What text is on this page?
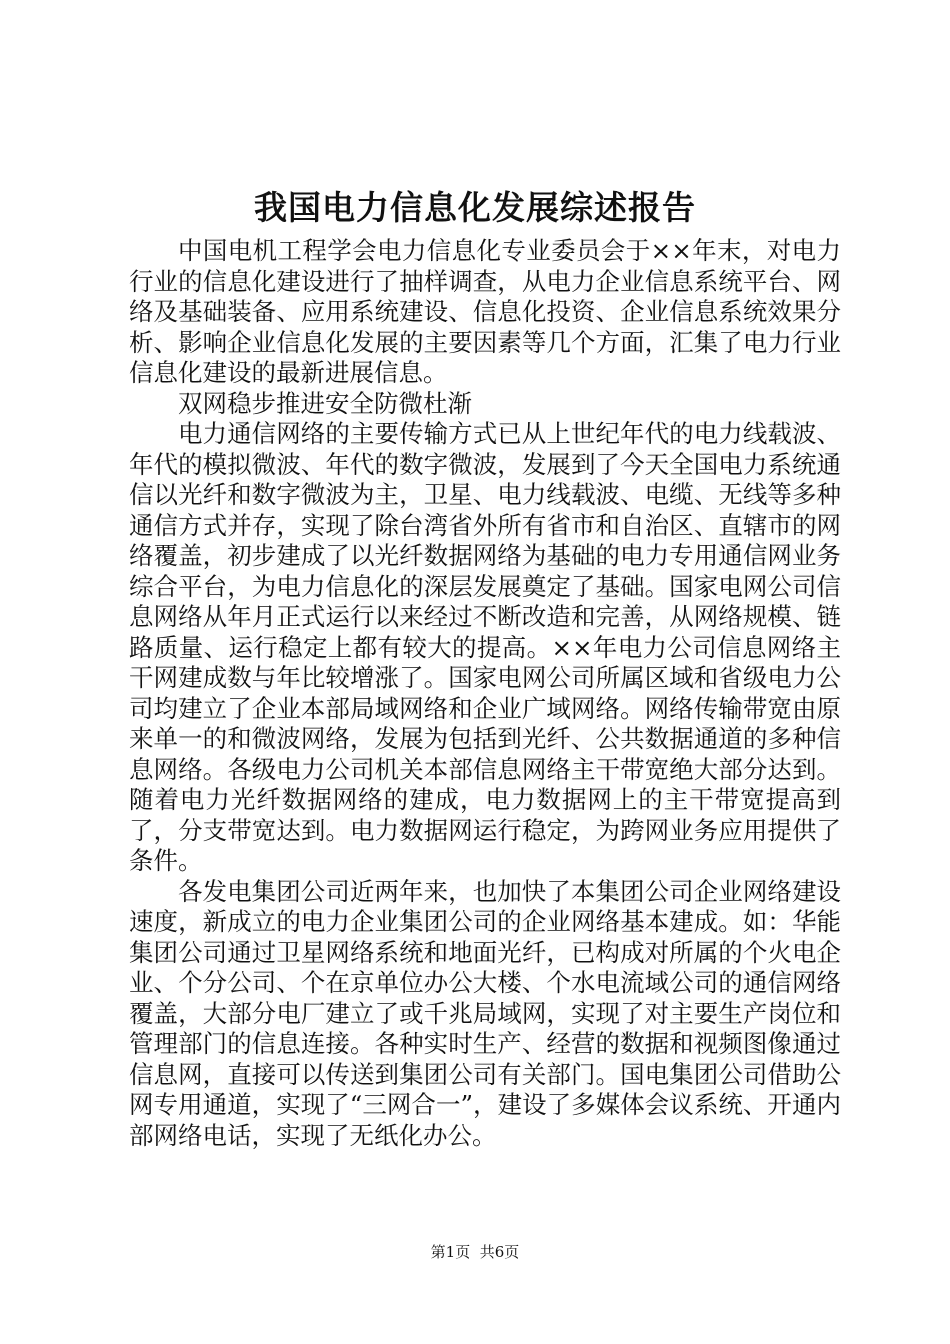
我国电力信息化发展综述报告

中国电机工程学会电力信息化专业委员会于××年末，对电力行业的信息化建设进行了抽样调查，从电力企业信息系统平台、网络及基础装备、应用系统建设、信息化投资、企业信息系统效果分析、影响企业信息化发展的主要因素等几个方面，汇集了电力行业信息化建设的最新进展信息。

双网稳步推进安全防微杜渐

电力通信网络的主要传输方式已从上世纪年代的电力线载波、年代的模拟微波、年代的数字微波，发展到了今天全国电力系统通信以光纤和数字微波为主，卫星、电力线载波、电缆、无线等多种通信方式并存，实现了除台湾省外所有省市和自治区、直辖市的网络覆盖，初步建成了以光纤数据网络为基础的电力专用通信网业务综合平台，为电力信息化的深层发展奠定了基础。国家电网公司信息网络从年月正式运行以来经过不断改造和完善，从网络规模、链路质量、运行稳定上都有较大的提高。××年电力公司信息网络主干网建成数与年比较增涨了。国家电网公司所属区域和省级电力公司均建立了企业本部局域网络和企业广域网络。网络传输带宽由原来单一的和微波网络，发展为包括到光纤、公共数据通道的多种信息网络。各级电力公司机关本部信息网络主干带宽绝大部分达到。随着电力光纤数据网络的建成，电力数据网上的主干带宽提高到了，分支带宽达到。电力数据网运行稳定，为跨网业务应用提供了条件。

各发电集团公司近两年来，也加快了本集团公司企业网络建设速度，新成立的电力企业集团公司的企业网络基本建成。如：华能集团公司通过卫星网络系统和地面光纤，已构成对所属的个火电企业、个分公司、个在京单位办公大楼、个水电流域公司的通信网络覆盖，大部分电厂建立了或千兆局域网，实现了对主要生产岗位和管理部门的信息连接。各种实时生产、经营的数据和视频图像通过信息网，直接可以传送到集团公司有关部门。国电集团公司借助公网专用通道，实现了“三网合一”，建设了多媒体会议系统、开通内部网络电话，实现了无纸化办公。

第1页 共6页
